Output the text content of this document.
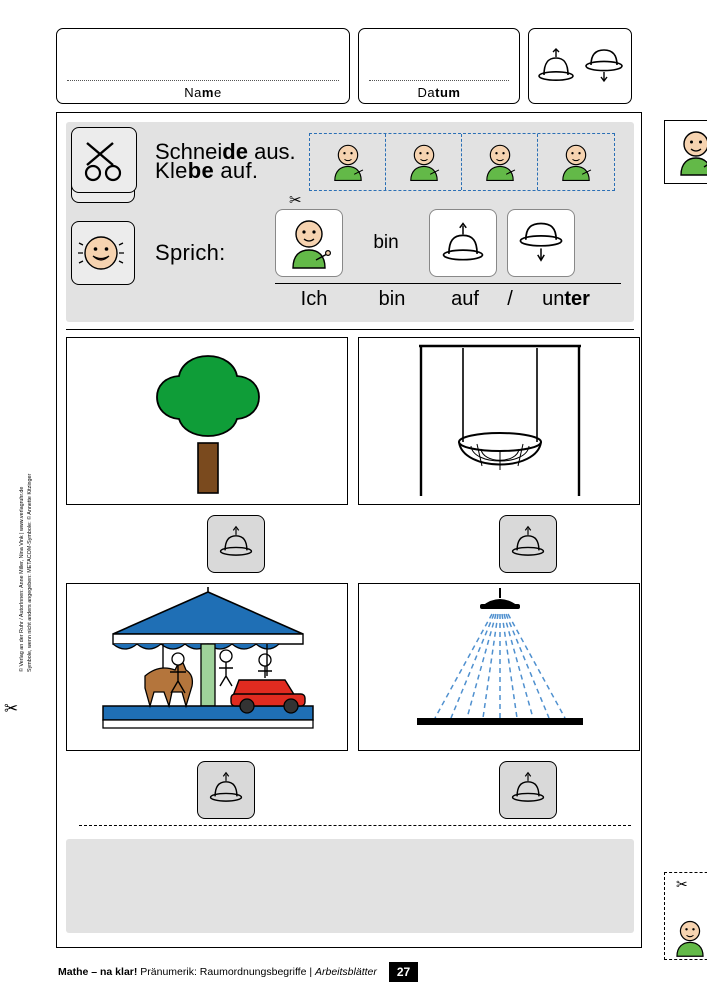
Name	Datum
✂
Klebe auf.
Sprich:	bin
Ich	bin	auf	/	unter
Schneide aus.
✂
✂
© Verlag an der Ruhr / AutorInnen: Anne Miller, Nina Vink | www.verlagruhr.de Symbole, wenn nicht anders angegeben: METACOM-Symbole: © Annette Kitzinger
Mathe – na klar! Pränumerik: Raumordnungsbegriffe | Arbeitsblätter	27
